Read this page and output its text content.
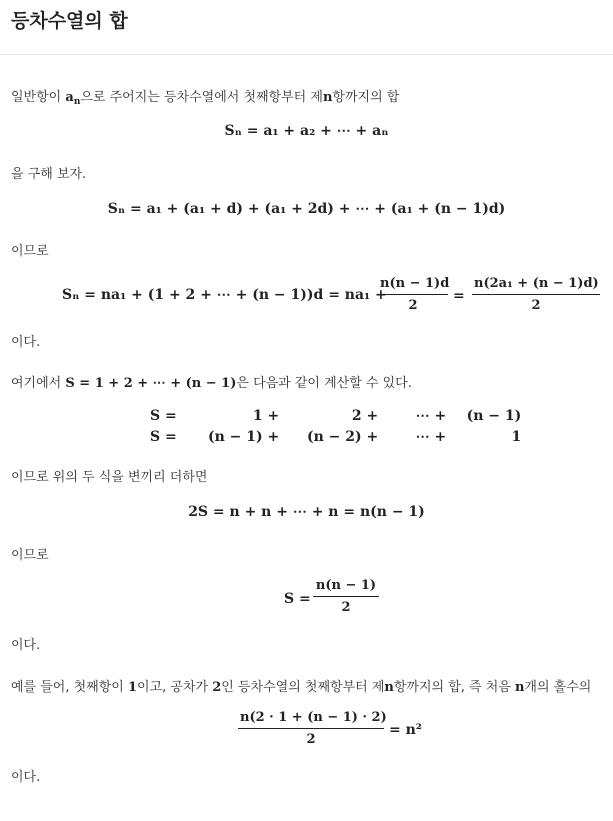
등차수열의 합
일반항이 $a_n$으로 주어지는 등차수열에서 첫째항부터 제n항까지의 합
Sₙ = a₁ + a₂ + ⋯ + aₙ
을 구해 보자.
Sₙ = a₁ + (a₁ + d) + (a₁ + 2d) + ⋯ + (a₁ + (n − 1)d)
이므로
Sₙ = na₁ + (1 + 2 + ⋯ + (n − 1))d = na₁ +
$\frac{n(n - 1)d}{2} = \frac{\text{n(2a₁ + (n − 1)d)}}{2}$
이다.
여기에서 S = 1 + 2 + ⋯ + (n − 1)은 다음과 같이 계산할 수 있다.
S =	1 +	2 +	⋯ +	(n − 1)
S =	(n − 1) +	(n − 2) +	⋯ +	1
이므로 위의 두 식을 변끼리 더하면
2S = n + n + ⋯ + n = n(n − 1)
이므로
$S = \frac{n(n - 1)}{2}$
이다.
예를 들어, 첫째항이 1이고, 공차가 2인 등차수열의 첫째항부터 제n항까지의 합, 즉 처음 n개의 홀수의
$\frac{n(2 \cdot 1 + (n - 1) \cdot 2)}{2} = n^2$
이다.
